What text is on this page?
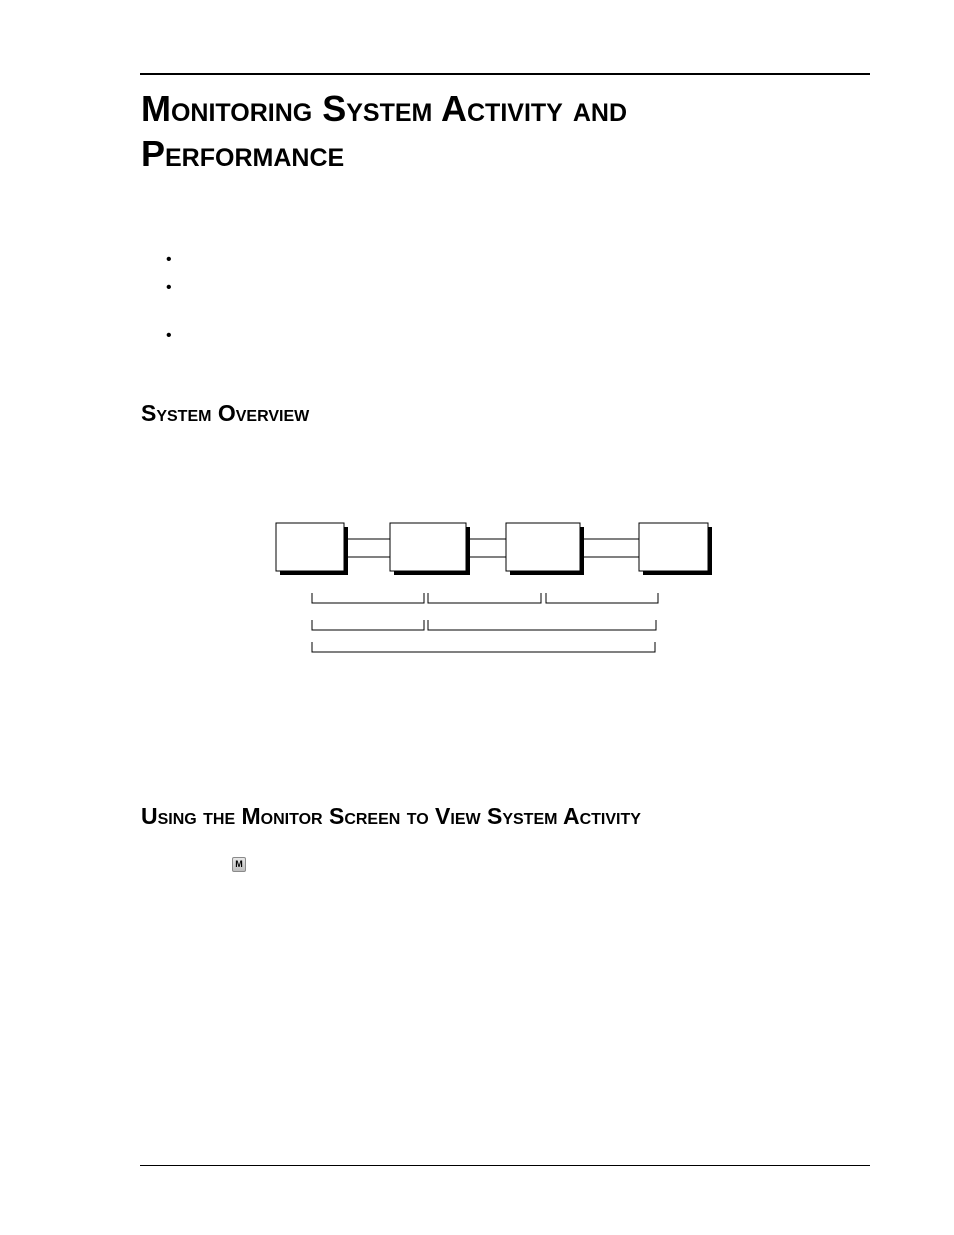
Monitoring System Activity and
Performance
•
•
•
System Overview
Using the Monitor Screen to View System Activity
M
